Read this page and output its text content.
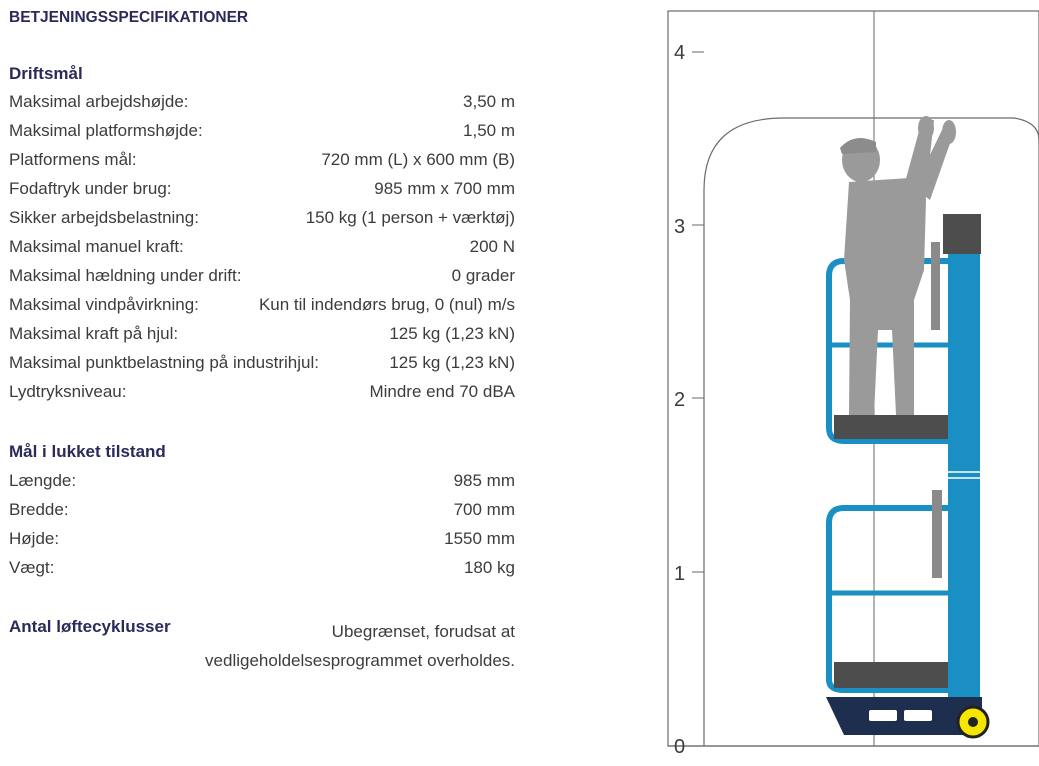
BETJENINGSSPECIFIKATIONER
Driftsmål
Maksimal arbejdshøjde:	3,50 m
Maksimal platformshøjde:	1,50 m
Platformens mål:	720 mm (L) x 600 mm (B)
Fodaftryk under brug:	985 mm x 700 mm
Sikker arbejdsbelastning:	150 kg (1 person + værktøj)
Maksimal manuel kraft:	200 N
Maksimal hældning under drift:	0 grader
Maksimal vindpåvirkning:	Kun til indendørs brug, 0 (nul) m/s
Maksimal kraft på hjul:	125 kg (1,23 kN)
Maksimal punktbelastning på industrihjul:	125 kg (1,23 kN)
Lydtryksniveau:	Mindre end 70 dBA
Mål i lukket tilstand
Længde:	985 mm
Bredde:	700 mm
Højde:	1550 mm
Vægt:	180 kg
Antal løftecyklusser	Ubegrænset, forudsat at
vedligeholdelsesprogrammet overholdes.
4
3
2
1
0
